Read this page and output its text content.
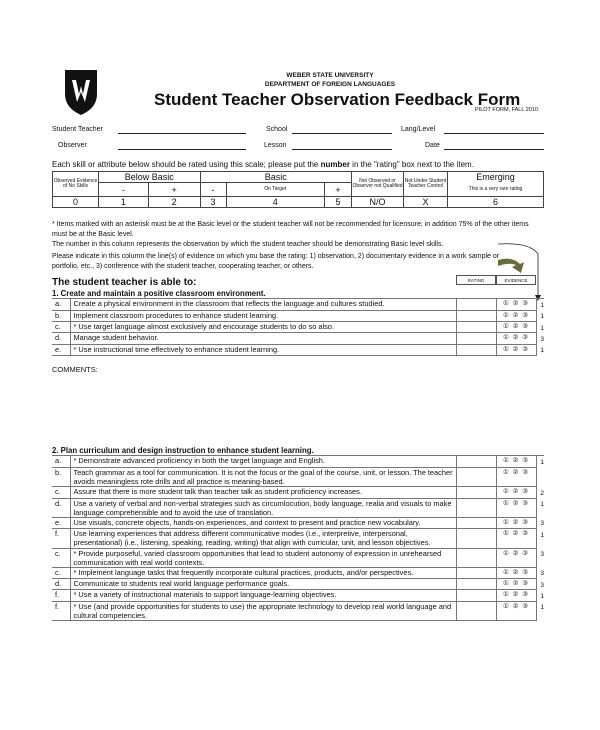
WEBER STATE UNIVERSITY
DEPARTMENT OF FOREIGN LANGUAGES
Student Teacher Observation Feedback Form
PILOT FORM, FALL 2010
Student Teacher	School	Lang/Level
Observer	Lesson	Date
Each skill or attribute below should be rated using this scale; please put the number in the "rating" box next to the item.
Observed Evidence of No Skills	Below Basic		Basic			Not Observed or Observer not Qualified	Not Under Student Teacher Control	Emerging
	-	+	-	On Target	+			This is a very rare rating
0	1	2	3	4	5	N/O	X	6
* Items marked with an asterisk must be at the Basic level or the student teacher will not be recommended for licensure; in addition 75% of the other items must be at the Basic level.
The number in this column represents the observation by which the student teacher should be demonstrating Basic level skills.
Please indicate in this column the line(s) of evidence on which you base the rating: 1) observation, 2) documentary evidence in a work sample or portfolio, etc., 3) conference with the student teacher, cooperating teacher, or others.
The student teacher is able to:	RATING	EVIDENCE
1. Create and maintain a positive classroom environment.				
a.	Create a physical environment in the classroom that reflects the language and cultures studied.		① ② ③	1
b.	Implement classroom procedures to enhance student learning.		① ② ③	1
c.	* Use target language almost exclusively and encourage students to do so also.		① ② ③	1
d.	Manage student behavior.		① ② ③	3
e.	* Use instructional time effectively to enhance student learning.		① ② ③	1
COMMENTS:
2. Plan curriculum and design instruction to enhance student learning.				
a.	* Demonstrate advanced proficiency in both the target language and English.		① ② ③	1
b.	Teach grammar as a tool for communication. It is not the focus or the goal of the course, unit, or lesson. The teacher avoids meaningless rote drills and all practice is meaning-based.		① ② ③	
c.	Assure that there is more student talk than teacher talk as student proficiency increases.		① ② ③	2
d.	Use a variety of verbal and non-verbal strategies such as circumlocution, body language, realia and visuals to make language comprehensible and to avoid the use of translation.		① ② ③	1
e.	Use visuals, concrete objects, hands-on experiences, and context to present and practice new vocabulary.		① ② ③	3
f.	Use learning experiences that address different communicative modes (i.e., interpretive, interpersonal, presentational) (i.e., listening, speaking, reading, writing) that align with curricular, unit, and lesson objectives.		① ② ③	1
c.	* Provide purposeful, varied classroom opportunities that lead to student autonomy of expression in unrehearsed communication with real world contexts.		① ② ③	3
c.	* Implement language tasks that frequently incorporate cultural practices, products, and/or perspectives.		① ② ③	3
d.	Communicate to students real world language performance goals.		① ② ③	3
f.	* Use a variety of instructional materials to support language-learning objectives.		① ② ③	1
f.	* Use (and provide opportunities for students to use) the appropriate technology to develop real world language and cultural competencies.		① ② ③	1
